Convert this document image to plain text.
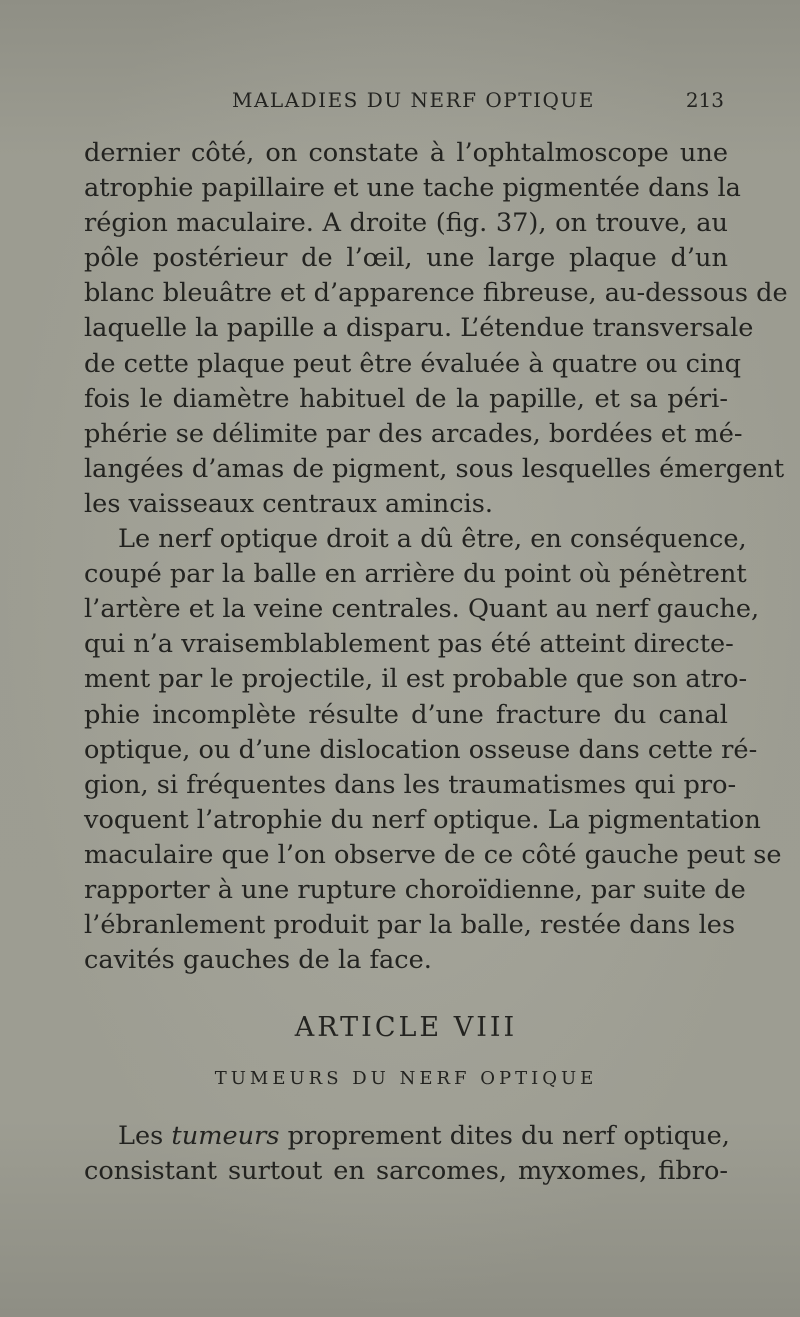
MALADIES DU NERF OPTIQUE	213
dernier côté, on constate à l’ophtalmoscope une
atrophie papillaire et une tache pigmentée dans la
région maculaire. A droite (fig. 37), on trouve, au
pôle postérieur de l’œil, une large plaque d’un
blanc bleuâtre et d’apparence fibreuse, au-dessous de
laquelle la papille a disparu. L’étendue transversale
de cette plaque peut être évaluée à quatre ou cinq
fois le diamètre habituel de la papille, et sa péri-
phérie se délimite par des arcades, bordées et mé-
langées d’amas de pigment, sous lesquelles émergent
les vaisseaux centraux amincis.
Le nerf optique droit a dû être, en conséquence,
coupé par la balle en arrière du point où pénètrent
l’artère et la veine centrales. Quant au nerf gauche,
qui n’a vraisemblablement pas été atteint directe-
ment par le projectile, il est probable que son atro-
phie incomplète résulte d’une fracture du canal
optique, ou d’une dislocation osseuse dans cette ré-
gion, si fréquentes dans les traumatismes qui pro-
voquent l’atrophie du nerf optique. La pigmentation
maculaire que l’on observe de ce côté gauche peut se
rapporter à une rupture choroïdienne, par suite de
l’ébranlement produit par la balle, restée dans les
cavités gauches de la face.
ARTICLE VIII
TUMEURS DU NERF OPTIQUE
Les tumeurs proprement dites du nerf optique,
consistant surtout en sarcomes, myxomes, fibro-
